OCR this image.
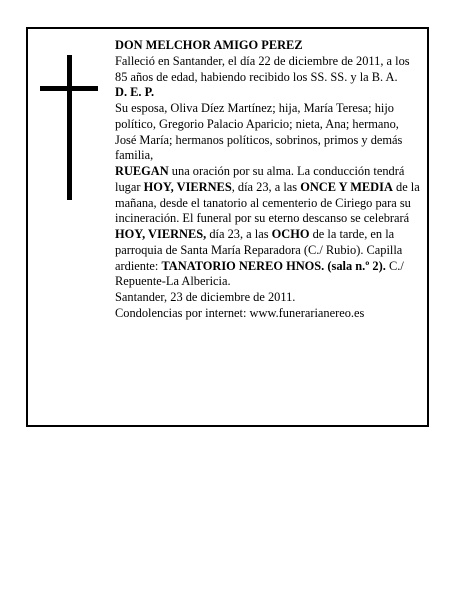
DON MELCHOR AMIGO PEREZ

Falleció en Santander, el día 22 de diciembre de 2011, a los 85 años de edad, habiendo recibido los SS. SS. y la B. A.

D. E. P.

Su esposa, Oliva Díez Martínez; hija, María Teresa; hijo político, Gregorio Palacio Aparicio; nieta, Ana; hermano, José María; hermanos políticos, sobrinos, primos y demás familia,

RUEGAN una oración por su alma. La conducción tendrá lugar HOY, VIERNES, día 23, a las ONCE Y MEDIA de la mañana, desde el tanatorio al cementerio de Ciriego para su incineración. El funeral por su eterno descanso se celebrará HOY, VIERNES, día 23, a las OCHO de la tarde, en la parroquia de Santa María Reparadora (C./ Rubio). Capilla ardiente: TANATORIO NEREO HNOS. (sala n.º 2). C./ Repuente-La Albericia.

Santander, 23 de diciembre de 2011.

Condolencias por internet: www.funerarianereo.es
